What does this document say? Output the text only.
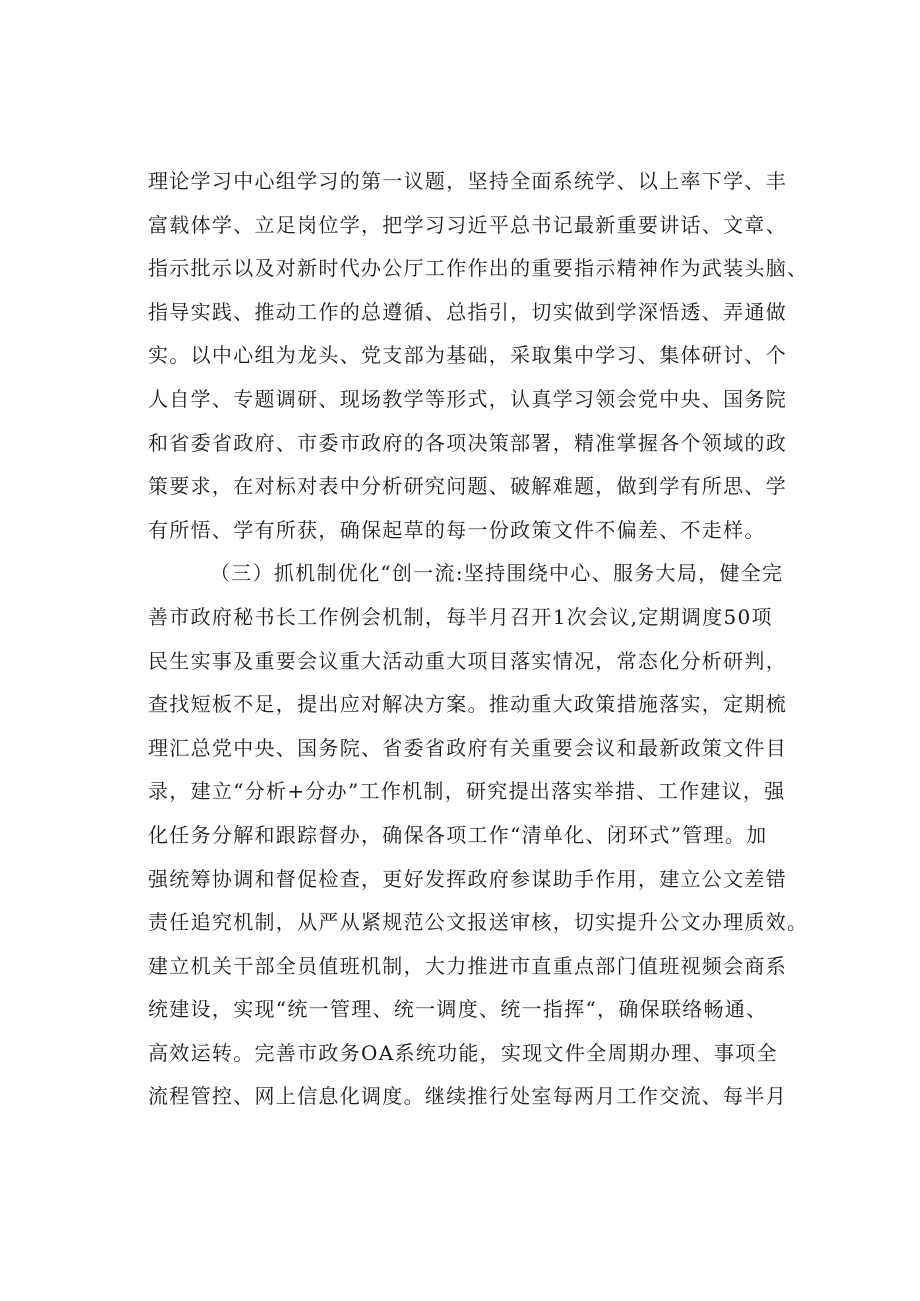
理论学习中心组学习的第一议题，坚持全面系统学、以上率下学、丰
富载体学、立足岗位学，把学习习近平总书记最新重要讲话、文章、
指示批示以及对新时代办公厅工作作出的重要指示精神作为武装头脑、
指导实践、推动工作的总遵循、总指引，切实做到学深悟透、弄通做
实。以中心组为龙头、党支部为基础，采取集中学习、集体研讨、个
人自学、专题调研、现场教学等形式，认真学习领会党中央、国务院
和省委省政府、市委市政府的各项决策部署，精准掌握各个领域的政
策要求，在对标对表中分析研究问题、破解难题，做到学有所思、学
有所悟、学有所获，确保起草的每一份政策文件不偏差、不走样。
（三）抓机制优化“创一流:坚持围绕中心、服务大局，健全完
善市政府秘书长工作例会机制，每半月召开1次会议,定期调度50项
民生实事及重要会议重大活动重大项目落实情况，常态化分析研判，
查找短板不足，提出应对解决方案。推动重大政策措施落实，定期梳
理汇总党中央、国务院、省委省政府有关重要会议和最新政策文件目
录，建立“分析+分办”工作机制，研究提出落实举措、工作建议，强
化任务分解和跟踪督办，确保各项工作“清单化、闭环式”管理。加
强统筹协调和督促检查，更好发挥政府参谋助手作用，建立公文差错
责任追究机制，从严从紧规范公文报送审核，切实提升公文办理质效。
建立机关干部全员值班机制，大力推进市直重点部门值班视频会商系
统建设，实现“统一管理、统一调度、统一指挥“，确保联络畅通、
高效运转。完善市政务OA系统功能，实现文件全周期办理、事项全
流程管控、网上信息化调度。继续推行处室每两月工作交流、每半月
